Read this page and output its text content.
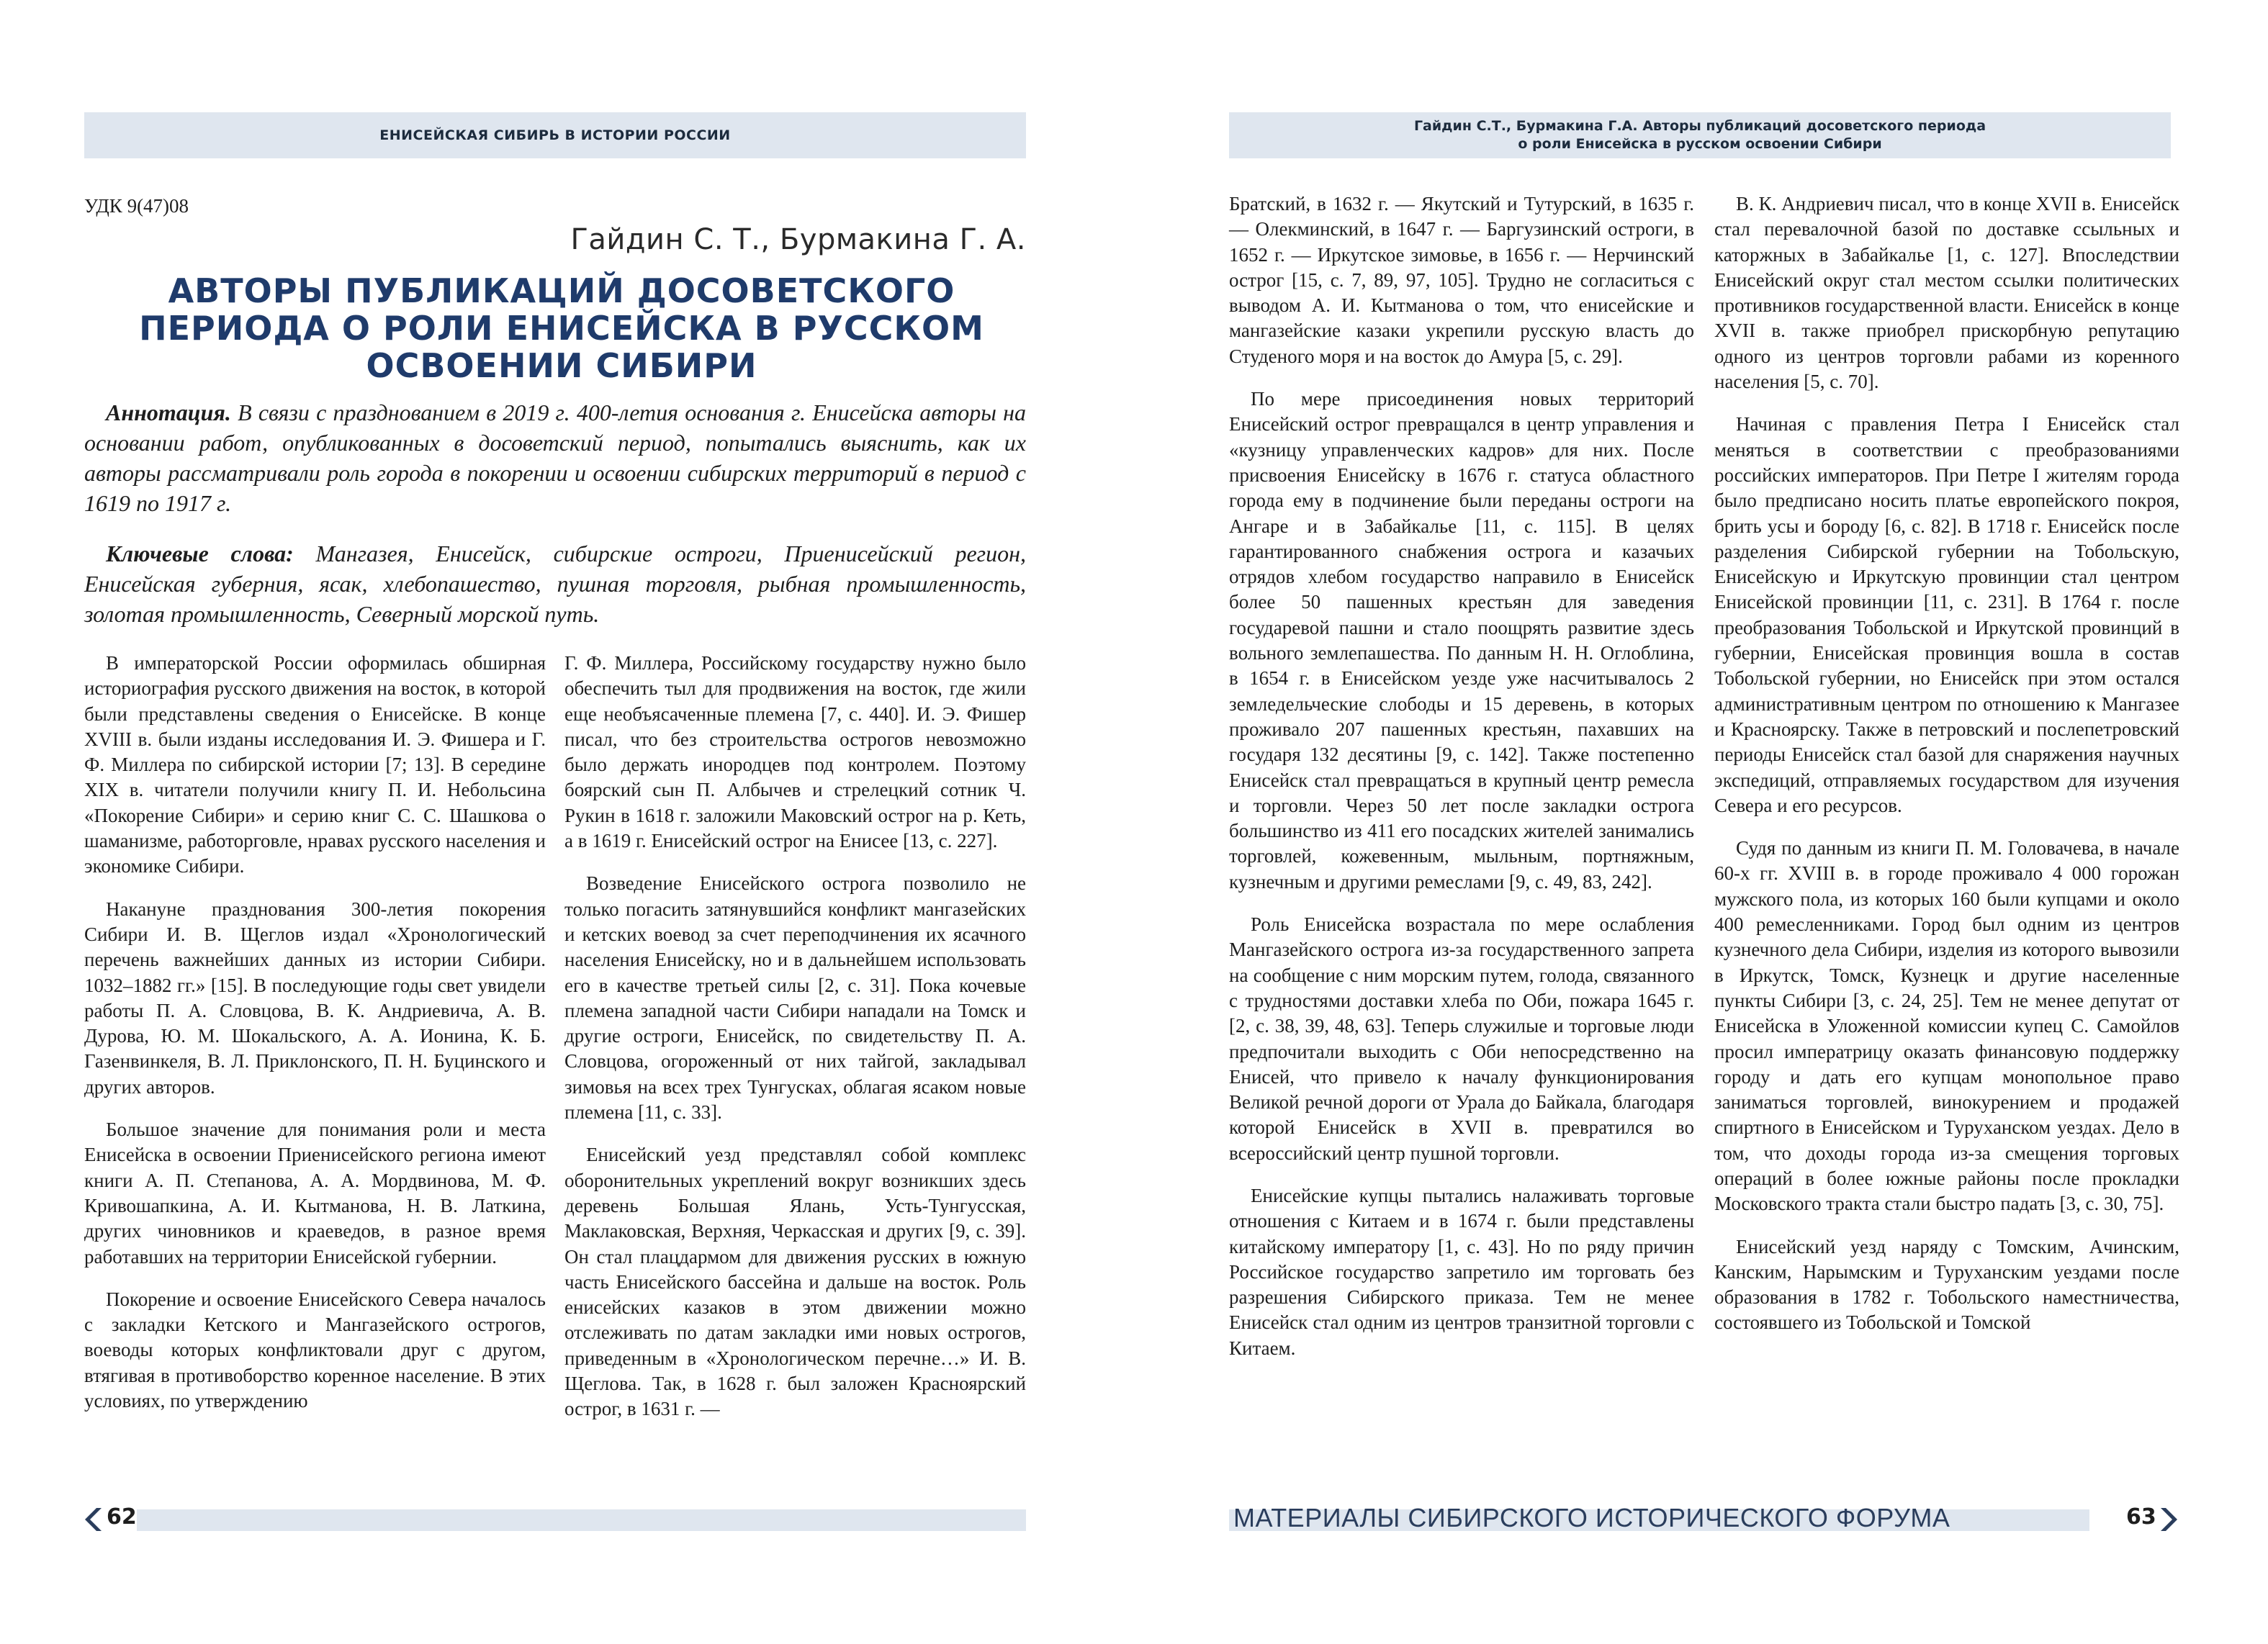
ЕНИСЕЙСКАЯ СИБИРЬ В ИСТОРИИ РОССИИ
УДК 9(47)08
Гайдин С. Т., Бурмакина Г. А.
АВТОРЫ ПУБЛИКАЦИЙ ДОСОВЕТСКОГО ПЕРИОДА О РОЛИ ЕНИСЕЙСКА В РУССКОМ ОСВОЕНИИ СИБИРИ

Аннотация. В связи с празднованием в 2019 г. 400-летия основания г. Енисейска авторы на основании работ, опубликованных в досоветский период, попытались выяснить, как их авторы рассматривали роль города в покорении и освоении сибирских территорий в период с 1619 по 1917 г.

Ключевые слова: Мангазея, Енисейск, сибирские остроги, Приенисейский регион, Енисейская губерния, ясак, хлебопашество, пушная торговля, рыбная промышленность, золотая промышленность, Северный морской путь.

В императорской России оформилась обширная историография русского движения на восток, в которой были представлены сведения о Енисейске. В конце XVIII в. были изданы исследования И. Э. Фишера и Г. Ф. Миллера по сибирской истории [7; 13]. В середине XIX в. читатели получили книгу П. И. Небольсина «Покорение Сибири» и серию книг С. С. Шашкова о шаманизме, работорговле, нравах русского населения и экономике Сибири.

Накануне празднования 300-летия покорения Сибири И. В. Щеглов издал «Хронологический перечень важнейших данных из истории Сибири. 1032–1882 гг.» [15]. В последующие годы свет увидели работы П. А. Словцова, В. К. Андриевича, А. В. Дурова, Ю. М. Шокальского, А. А. Ионина, К. Б. Газенвинкеля, В. Л. Приклонского, П. Н. Буцинского и других авторов.

Большое значение для понимания роли и места Енисейска в освоении Приенисейского региона имеют книги А. П. Степанова, А. А. Мордвинова, М. Ф. Кривошапкина, А. И. Кытманова, Н. В. Латкина, других чиновников и краеведов, в разное время работавших на территории Енисейской губернии.

Покорение и освоение Енисейского Севера началось с закладки Кетского и Мангазейского острогов, воеводы которых конфликтовали друг с другом, втягивая в противоборство коренное население. В этих условиях, по утверждению

Г. Ф. Миллера, Российскому государству нужно было обеспечить тыл для продвижения на восток, где жили еще необъясаченные племена [7, с. 440]. И. Э. Фишер писал, что без строительства острогов невозможно было держать инородцев под контролем. Поэтому боярский сын П. Албычев и стрелецкий сотник Ч. Рукин в 1618 г. заложили Маковский острог на р. Кеть, а в 1619 г. Енисейский острог на Енисее [13, с. 227].

Возведение Енисейского острога позволило не только погасить затянувшийся конфликт мангазейских и кетских воевод за счет переподчинения их ясачного населения Енисейску, но и в дальнейшем использовать его в качестве третьей силы [2, с. 31]. Пока кочевые племена западной части Сибири нападали на Томск и другие остроги, Енисейск, по свидетельству П. А. Словцова, огороженный от них тайгой, закладывал зимовья на всех трех Тунгусках, облагая ясаком новые племена [11, с. 33].

Енисейский уезд представлял собой комплекс оборонительных укреплений вокруг возникших здесь деревень Большая Ялань, Усть-Тунгусская, Маклаковская, Верхняя, Черкасская и других [9, с. 39]. Он стал плацдармом для движения русских в южную часть Енисейского бассейна и дальше на восток. Роль енисейских казаков в этом движении можно отслеживать по датам закладки ими новых острогов, приведенным в «Хронологическом перечне…» И. В. Щеглова. Так, в 1628 г. был заложен Красноярский острог, в 1631 г. —

62
Гайдин С.Т., Бурмакина Г.А. Авторы публикаций досоветского периода
о роли Енисейска в русском освоении Сибири

Братский, в 1632 г. — Якутский и Тутурский, в 1635 г. — Олекминский, в 1647 г. — Баргузинский остроги, в 1652 г. — Иркутское зимовье, в 1656 г. — Нерчинский острог [15, с. 7, 89, 97, 105]. Трудно не согласиться с выводом А. И. Кытманова о том, что енисейские и мангазейские казаки укрепили русскую власть до Студеного моря и на восток до Амура [5, с. 29].

По мере присоединения новых территорий Енисейский острог превращался в центр управления и «кузницу управленческих кадров» для них. После присвоения Енисейску в 1676 г. статуса областного города ему в подчинение были переданы остроги на Ангаре и в Забайкалье [11, с. 115]. В целях гарантированного снабжения острога и казачьих отрядов хлебом государство направило в Енисейск более 50 пашенных крестьян для заведения государевой пашни и стало поощрять развитие здесь вольного землепашества. По данным Н. Н. Оглоблина, в 1654 г. в Енисейском уезде уже насчитывалось 2 земледельческие слободы и 15 деревень, в которых проживало 207 пашенных крестьян, пахавших на государя 132 десятины [9, с. 142]. Также постепенно Енисейск стал превращаться в крупный центр ремесла и торговли. Через 50 лет после закладки острога большинство из 411 его посадских жителей занимались торговлей, кожевенным, мыльным, портняжным, кузнечным и другими ремеслами [9, с. 49, 83, 242].

Роль Енисейска возрастала по мере ослабления Мангазейского острога из-за государственного запрета на сообщение с ним морским путем, голода, связанного с трудностями доставки хлеба по Оби, пожара 1645 г. [2, с. 38, 39, 48, 63]. Теперь служилые и торговые люди предпочитали выходить с Оби непосредственно на Енисей, что привело к началу функционирования Великой речной дороги от Урала до Байкала, благодаря которой Енисейск в XVII в. превратился во всероссийский центр пушной торговли.

Енисейские купцы пытались налаживать торговые отношения с Китаем и в 1674 г. были представлены китайскому императору [1, с. 43]. Но по ряду причин Российское государство запретило им торговать без разрешения Сибирского приказа. Тем не менее Енисейск стал одним из центров транзитной торговли с Китаем.

В. К. Андриевич писал, что в конце XVII в. Енисейск стал перевалочной базой по доставке ссыльных и каторжных в Забайкалье [1, с. 127]. Впоследствии Енисейский округ стал местом ссылки политических противников государственной власти. Енисейск в конце XVII в. также приобрел прискорбную репутацию одного из центров торговли рабами из коренного населения [5, с. 70].

Начиная с правления Петра I Енисейск стал меняться в соответствии с преобразованиями российских императоров. При Петре I жителям города было предписано носить платье европейского покроя, брить усы и бороду [6, с. 82]. В 1718 г. Енисейск после разделения Сибирской губернии на Тобольскую, Енисейскую и Иркутскую провинции стал центром Енисейской провинции [11, с. 231]. В 1764 г. после преобразования Тобольской и Иркутской провинций в губернии, Енисейская провинция вошла в состав Тобольской губернии, но Енисейск при этом остался административным центром по отношению к Мангазее и Красноярску. Также в петровский и послепетровский периоды Енисейск стал базой для снаряжения научных экспедиций, отправляемых государством для изучения Севера и его ресурсов.

Судя по данным из книги П. М. Головачева, в начале 60-х гг. XVIII в. в городе проживало 4 000 горожан мужского пола, из которых 160 были купцами и около 400 ремесленниками. Город был одним из центров кузнечного дела Сибири, изделия из которого вывозили в Иркутск, Томск, Кузнецк и другие населенные пункты Сибири [3, с. 24, 25]. Тем не менее депутат от Енисейска в Уложенной комиссии купец С. Самойлов просил императрицу оказать финансовую поддержку городу и дать его купцам монопольное право заниматься торговлей, винокурением и продажей спиртного в Енисейском и Туруханском уездах. Дело в том, что доходы города из-за смещения торговых операций в более южные районы после прокладки Московского тракта стали быстро падать [3, с. 30, 75].

Енисейский уезд наряду с Томским, Ачинским, Канским, Нарымским и Туруханским уездами после образования в 1782 г. Тобольского наместничества, состоявшего из Тобольской и Томской

МАТЕРИАЛЫ СИБИРСКОГО ИСТОРИЧЕСКОГО ФОРУМА	63
